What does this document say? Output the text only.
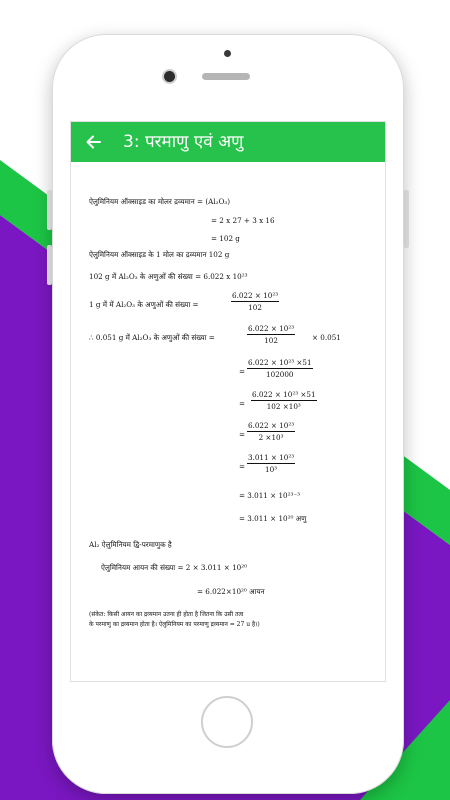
3: परमाणु एवं अणु
ऐलुमिनियम ऑक्साइड का मोलर द्रव्यमान = (Al₂O₃)
= 2 x 27 + 3 x 16
= 102 g
ऐलुमिनियम ऑक्साइड के 1 मोल का द्रव्यमान 102 g
102 g में Al₂O₃ के अणुओं की संख्या = 6.022 x 10²³
1 g में में Al₂O₃ के अणुओं की संख्या =	$\frac{\text{6.022 × 10²³}}{102}$
∴ 0.051 g में Al₂O₃ के अणुओं की संख्या =	$\frac{\text{6.022 × 10²³}}{102} \times 0.051$
= $\frac{\text{6.022 × 10²³ ×51}}{102000}$
= $\frac{\text{6.022 × 10²³ ×51}}{\text{102 ×10³}}$
= $\frac{\text{6.022 × 10²³}}{\text{2 ×10³}}$
= $\frac{\text{3.011 × 10²³}}{\text{10³}}$
= 3.011 × 10²³⁻³
= 3.011 × 10²⁰ अणु
Al₂ ऐलुमिनियम द्वि-परमाणुक है
ऐलुमिनियम आयन की संख्या = 2 × 3.011 × 10²⁰
= 6.022×10²⁰ आयन
(संकेत: किसी आयन का द्रव्यमान उतना ही होता है जितना कि उसी तत्व
के परमाणु का द्रव्यमान होता है। ऐलुमिनियम का परमाणु द्रव्यमान = 27 u है।)
